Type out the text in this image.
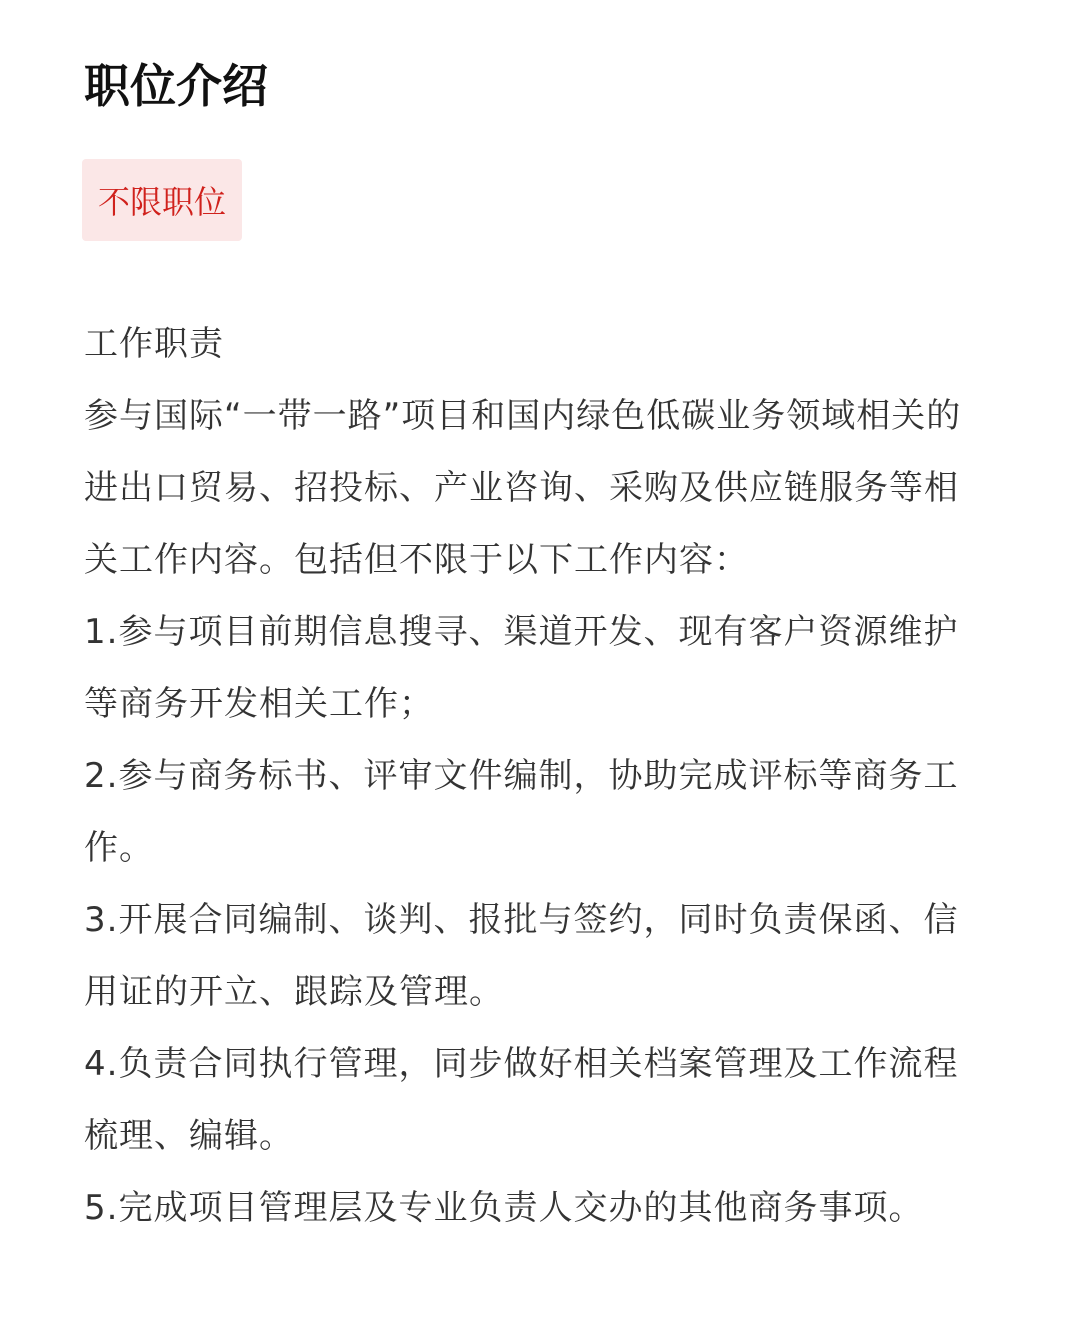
职位介绍
不限职位

工作职责

参与国际“一带一路”项目和国内绿色低碳业务领域相关的进出口贸易、招投标、产业咨询、采购及供应链服务等相关工作内容。包括但不限于以下工作内容：

1.参与项目前期信息搜寻、渠道开发、现有客户资源维护等商务开发相关工作；

2.参与商务标书、评审文件编制，协助完成评标等商务工作。

3.开展合同编制、谈判、报批与签约，同时负责保函、信用证的开立、跟踪及管理。

4.负责合同执行管理，同步做好相关档案管理及工作流程梳理、编辑。

5.完成项目管理层及专业负责人交办的其他商务事项。
